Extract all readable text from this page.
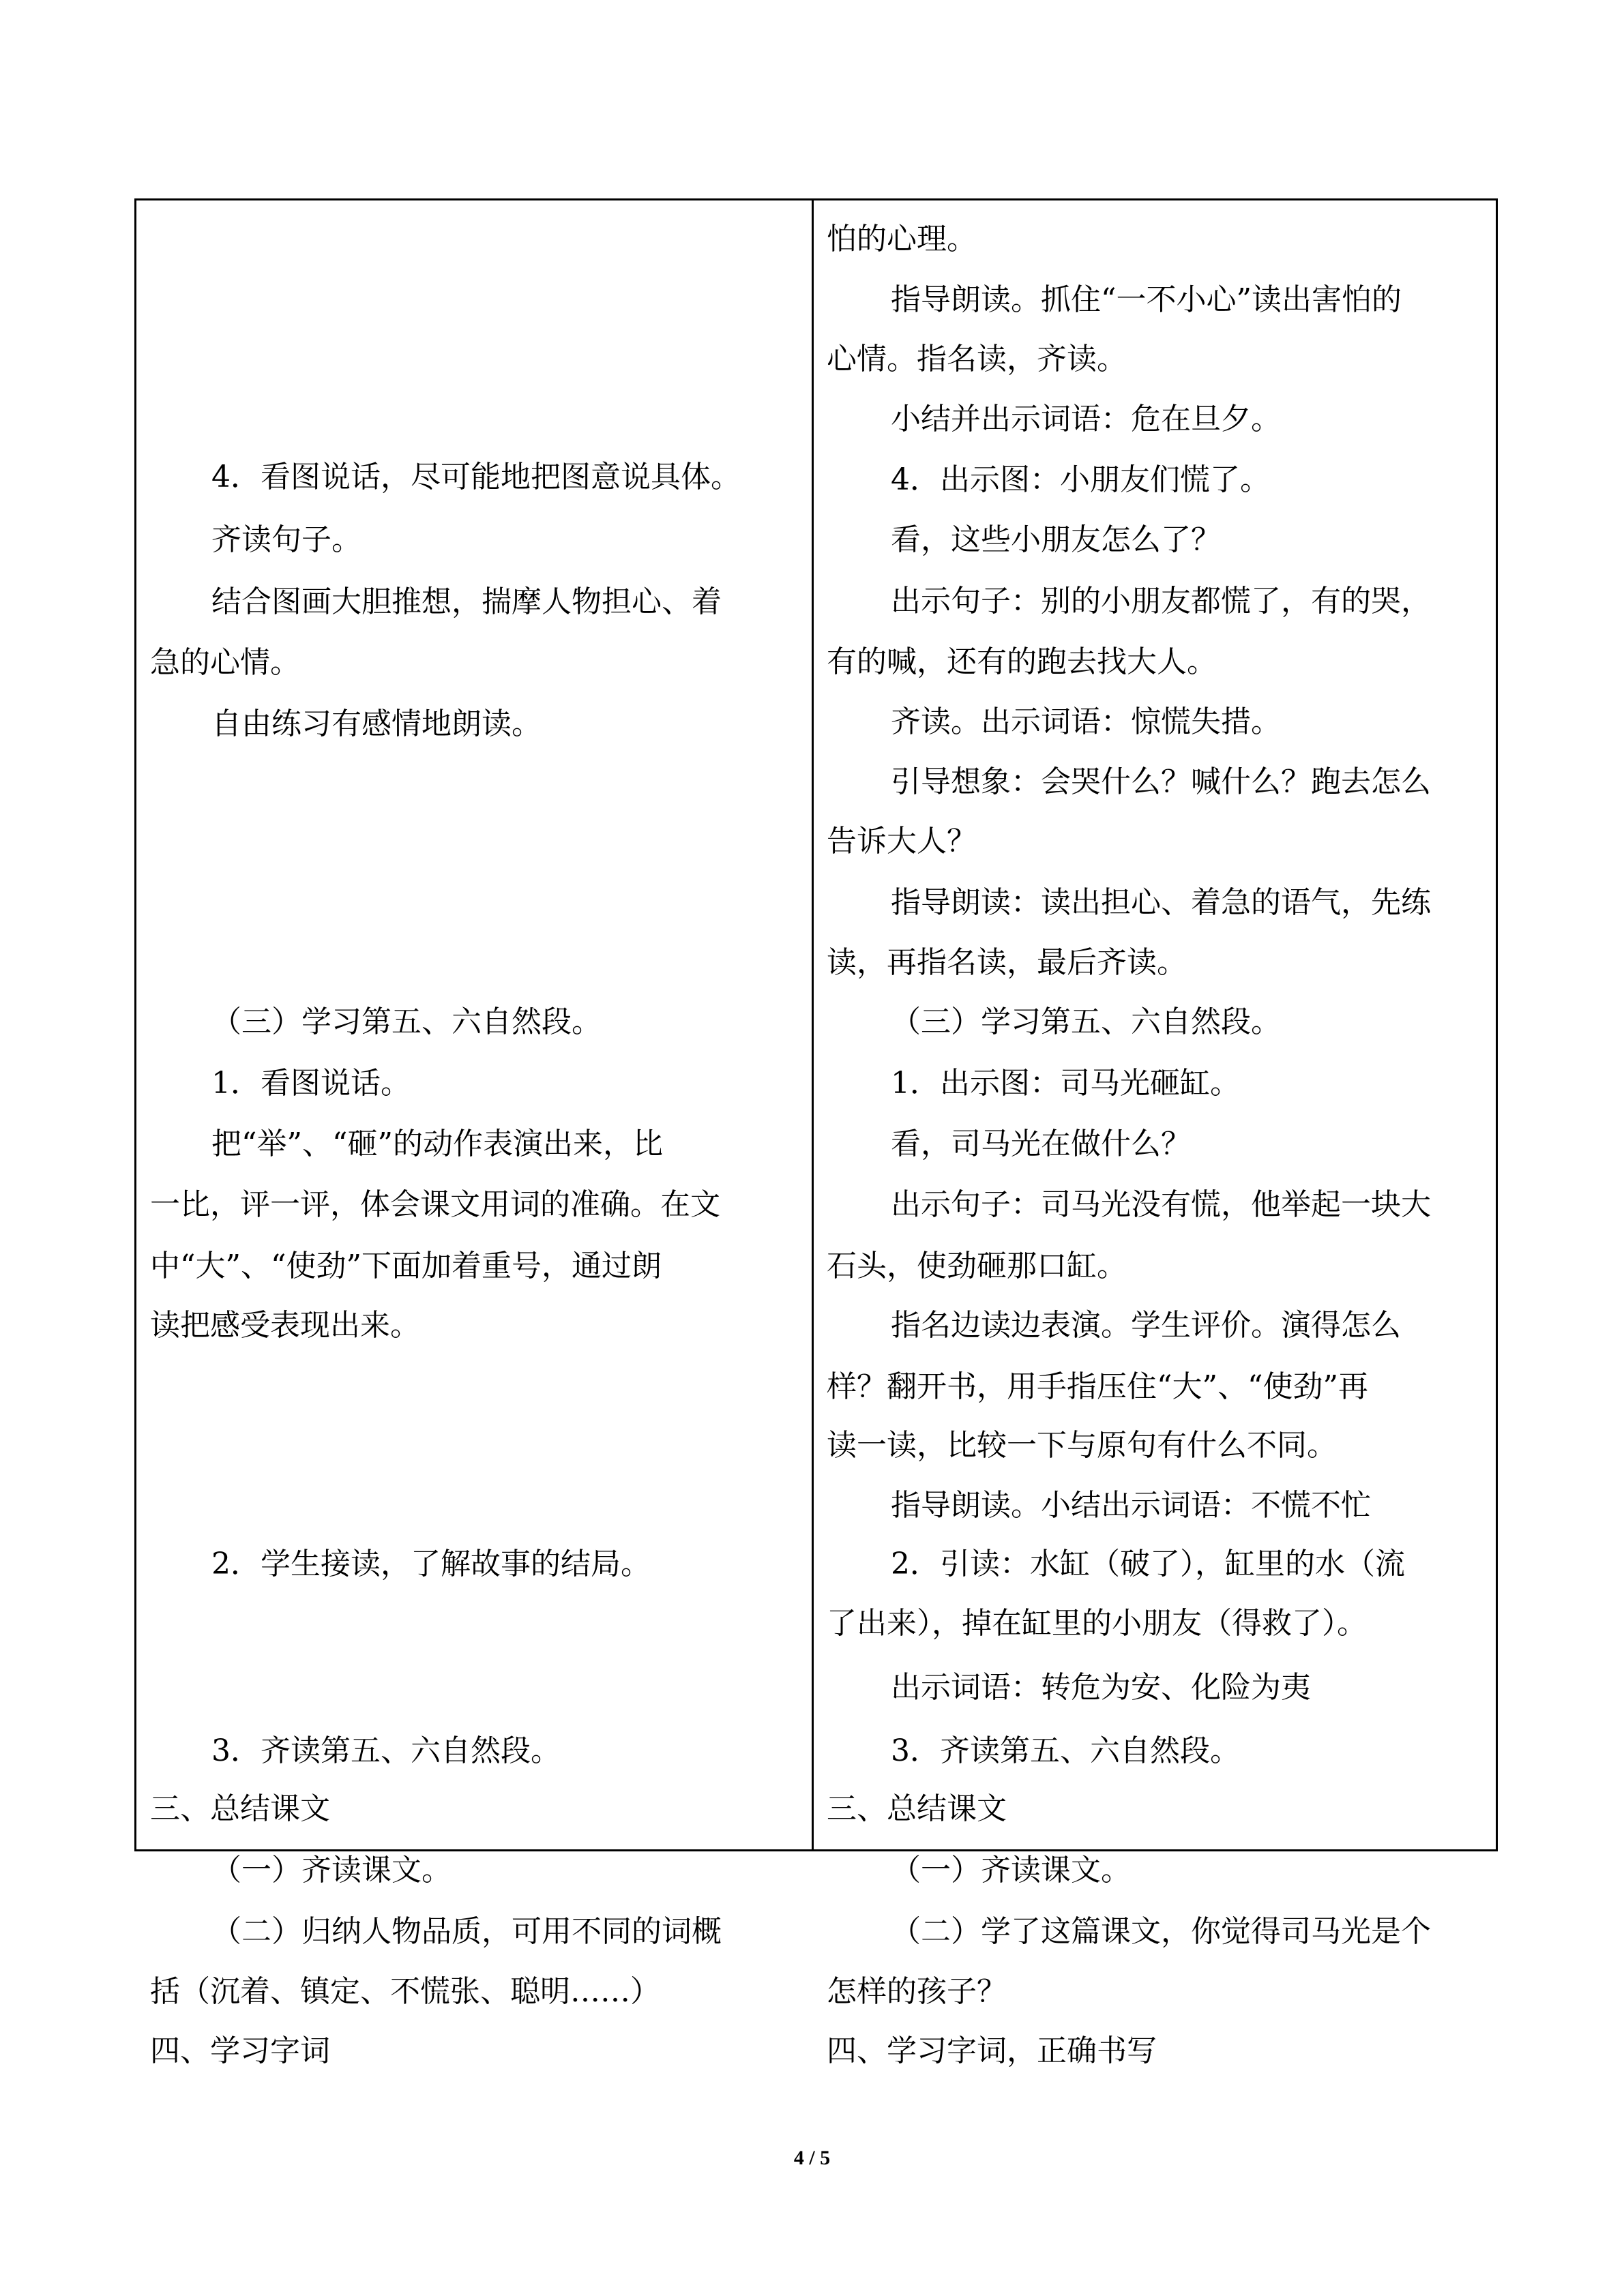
4．看图说话，尽可能地把图意说具体。
齐读句子。
结合图画大胆推想，揣摩人物担心、着
急的心情。
自由练习有感情地朗读。
（三）学习第五、六自然段。
1．看图说话。
把“举”、“砸”的动作表演出来，比
一比，评一评，体会课文用词的准确。在文
中“大”、“使劲”下面加着重号，通过朗
读把感受表现出来。
2．学生接读，了解故事的结局。
3．齐读第五、六自然段。
三、总结课文
（一）齐读课文。
（二）归纳人物品质，可用不同的词概
括（沉着、镇定、不慌张、聪明……）
四、学习字词
怕的心理。
指导朗读。抓住“一不小心”读出害怕的
心情。指名读，齐读。
小结并出示词语：危在旦夕。
4．出示图：小朋友们慌了。
看，这些小朋友怎么了？
出示句子：别的小朋友都慌了，有的哭，
有的喊，还有的跑去找大人。
齐读。出示词语：惊慌失措。
引导想象：会哭什么？喊什么？跑去怎么
告诉大人？
指导朗读：读出担心、着急的语气，先练
读，再指名读，最后齐读。
（三）学习第五、六自然段。
1．出示图：司马光砸缸。
看，司马光在做什么？
出示句子：司马光没有慌，他举起一块大
石头，使劲砸那口缸。
指名边读边表演。学生评价。演得怎么
样？翻开书，用手指压住“大”、“使劲”再
读一读，比较一下与原句有什么不同。
指导朗读。小结出示词语：不慌不忙
2．引读：水缸（破了），缸里的水（流
了出来），掉在缸里的小朋友（得救了）。
出示词语：转危为安、化险为夷
3．齐读第五、六自然段。
三、总结课文
（一）齐读课文。
（二）学了这篇课文，你觉得司马光是个
怎样的孩子？
四、学习字词，正确书写
4 / 5
